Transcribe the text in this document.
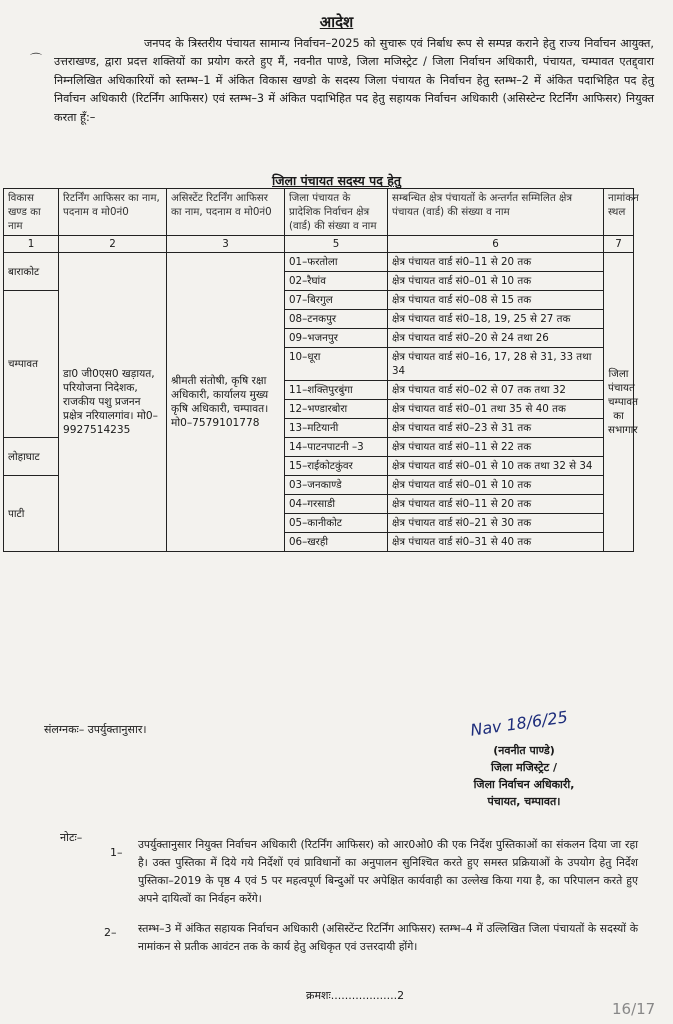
आदेश
⌒
जनपद के त्रिस्तरीय पंचायत सामान्य निर्वाचन–2025 को सुचारू एवं निर्बाध रूप से सम्पन्न कराने हेतु राज्य निर्वाचन आयुक्त, उत्तराखण्ड, द्वारा प्रदत्त शक्तियों का प्रयोग करते हुए मैं, नवनीत पाण्डे, जिला मजिस्ट्रेट / जिला निर्वाचन अधिकारी, पंचायत, चम्पावत एतद्द्वारा निम्नलिखित अधिकारियों को स्तम्भ–1 में अंकित विकास खण्डो के सदस्य जिला पंचायत के निर्वाचन हेतु स्तम्भ–2 में अंकित पदाभिहित पद हेतु निर्वाचन अधिकारी (रिटर्निंग आफिसर) एवं स्तम्भ–3 में अंकित पदाभिहित पद हेतु सहायक निर्वाचन अधिकारी (असिस्टेन्ट रिटर्निंग आफिसर) नियुक्त करता हूँ:–
जिला पंचायत सदस्य पद हेतु
विकास खण्ड का नाम	रिटर्निंग आफिसर का नाम, पदनाम व मो0नं0	असिस्टेंट रिटर्निंग आफिसर का नाम, पदनाम व मो0नं0	जिला पंचायत के प्रादेशिक निर्वाचन क्षेत्र (वार्ड) की संख्या व नाम	सम्बन्धित क्षेत्र पंचायतों के अन्तर्गत सम्मिलित क्षेत्र पंचायत (वार्ड) की संख्या व नाम	नामांकन स्थल
1	2	3	5	6	7
बाराकोट	डा0 जी0एस0 खड़ायत, परियोजना निदेशक, राजकीय पशु प्रजनन प्रक्षेत्र नरियालगांव। मो0–9927514235	श्रीमती संतोषी, कृषि रक्षा अधिकारी, कार्यालय मुख्य कृषि अधिकारी, चम्पावत। मो0–7579101778	01–फरतोला	क्षेत्र पंचायत वार्ड सं0–11 से 20 तक	जिला पंचायत चम्पावत का सभागार
			02–रैघांव	क्षेत्र पंचायत वार्ड सं0–01 से 10 तक	
चम्पावत			07–बिरगुल	क्षेत्र पंचायत वार्ड सं0–08 से 15 तक	
			08–टनकपुर	क्षेत्र पंचायत वार्ड सं0–18, 19, 25 से 27 तक	
			09–भजनपुर	क्षेत्र पंचायत वार्ड सं0–20 से 24 तथा 26	
			10–धूरा	क्षेत्र पंचायत वार्ड सं0–16, 17, 28 से 31, 33 तथा 34	
			11–शक्तिपुरबुंगा	क्षेत्र पंचायत वार्ड सं0–02 से 07 तक तथा 32	
			12–भण्डारबोरा	क्षेत्र पंचायत वार्ड सं0–01 तथा 35 से 40 तक	
			13–मटियानी	क्षेत्र पंचायत वार्ड सं0–23 से 31 तक	
लोहाघाट			14–पाटनपाटनी –3	क्षेत्र पंचायत वार्ड सं0–11 से 22 तक	
			15–राईकोटकुंवर	क्षेत्र पंचायत वार्ड सं0–01 से 10 तक तथा 32 से 34	
पाटी			03–जनकाण्डे	क्षेत्र पंचायत वार्ड सं0–01 से 10 तक	
			04–गरसाडी	क्षेत्र पंचायत वार्ड सं0–11 से 20 तक	
			05–कानीकोट	क्षेत्र पंचायत वार्ड सं0–21 से 30 तक	
			06–खरही	क्षेत्र पंचायत वार्ड सं0–31 से 40 तक	
संलग्नकः– उपर्युक्तानुसार।	Nav 18/6/25
(नवनीत पाण्डे)
जिला मजिस्ट्रेट /
जिला निर्वाचन अधिकारी,
पंचायत, चम्पावत।
नोटः–
1–
उपर्युक्तानुसार नियुक्त निर्वाचन अधिकारी (रिटर्निंग आफिसर) को आर0ओ0 की एक निर्देश पुस्तिकाओं का संकलन दिया जा रहा है। उक्त पुस्तिका में दिये गये निर्देशों एवं प्रावि​धानों का अनुपालन सुनिश्चित करते हुए समस्त प्रक्रियाओं के उपयोग हेतु निर्देश पुस्तिका–2019 के पृष्ठ 4 एवं 5 पर महत्वपूर्ण बिन्दुओं पर अपेक्षित कार्यवाही का उल्लेख किया गया है, का परिपालन करते हुए अपने दायित्वों का निर्वहन करेंगे।
2– स्तम्भ–3 में अंकित सहायक निर्वाचन अधिकारी (असिस्टेंन्ट रिटर्निंग आफिसर) स्तम्भ–4 में उल्लिखित जिला पंचायतों के सदस्यों के नामांकन से प्रतीक आवंटन तक के कार्य हेतु अधिकृत एवं उत्तरदायी होंगे।
क्रमशः...................2
16/17
